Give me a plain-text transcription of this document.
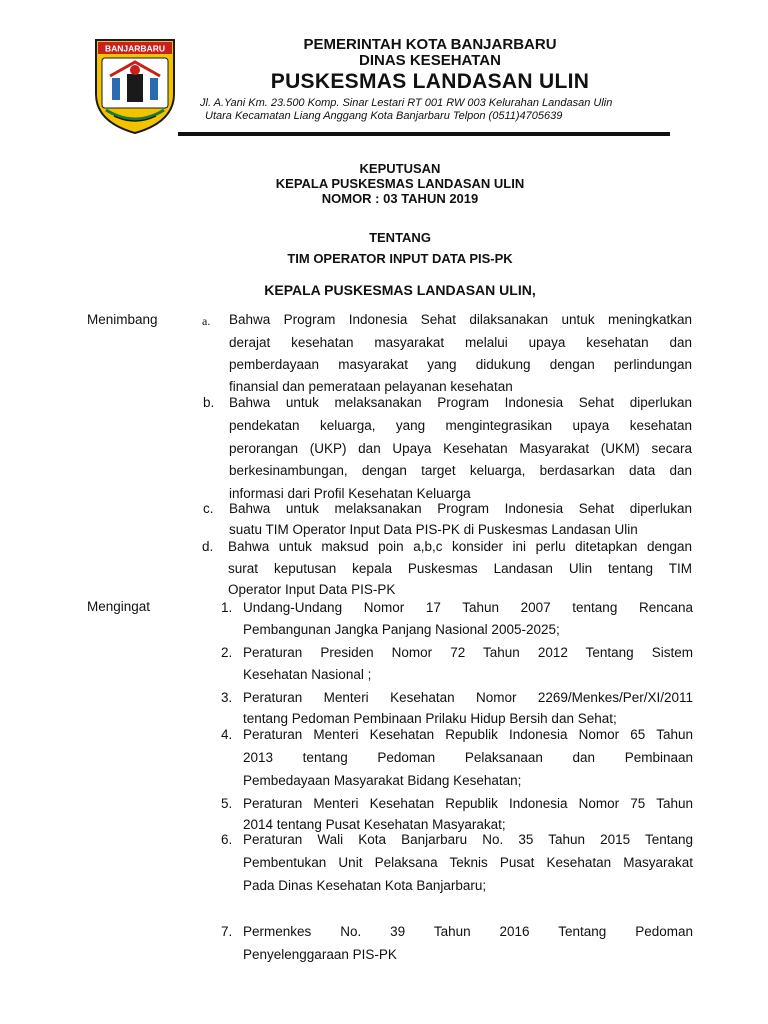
BANJARBARU	PEMERINTAH KOTA BANJARBARU
DINAS KESEHATAN
PUSKESMAS LANDASAN ULIN
Jl. A.Yani Km. 23.500 Komp. Sinar Lestari RT 001 RW 003 Kelurahan Landasan Ulin
Utara Kecamatan Liang Anggang Kota Banjarbaru Telpon (0511)4705639
KEPUTUSAN
KEPALA PUSKESMAS LANDASAN ULIN
NOMOR : 03 TAHUN 2019
TENTANG
TIM OPERATOR INPUT DATA PIS-PK
KEPALA PUSKESMAS LANDASAN ULIN,
Menimbang	a. Bahwa Program Indonesia Sehat dilaksanakan untuk meningkatkan
derajat kesehatan masyarakat melalui upaya kesehatan dan
pemberdayaan masyarakat yang didukung dengan perlindungan
finansial dan pemerataan pelayanan kesehatan
b. Bahwa untuk melaksanakan Program Indonesia Sehat diperlukan
pendekatan keluarga, yang mengintegrasikan upaya kesehatan
perorangan (UKP) dan Upaya Kesehatan Masyarakat (UKM) secara
berkesinambungan, dengan target keluarga, berdasarkan data dan
informasi dari Profil Kesehatan Keluarga
c. Bahwa untuk melaksanakan Program Indonesia Sehat diperlukan
suatu TIM Operator Input Data PIS-PK di Puskesmas Landasan Ulin
d. Bahwa untuk maksud poin a,b,c konsider ini perlu ditetapkan dengan
surat keputusan kepala Puskesmas Landasan Ulin tentang TIM
Operator Input Data PIS-PK
Mengingat	1. Undang-Undang Nomor 17 Tahun 2007 tentang Rencana
Pembangunan Jangka Panjang Nasional 2005-2025;
2. Peraturan Presiden Nomor 72 Tahun 2012 Tentang Sistem
Kesehatan Nasional ;
3. Peraturan Menteri Kesehatan Nomor 2269/Menkes/Per/XI/2011
tentang Pedoman Pembinaan Prilaku Hidup Bersih dan Sehat;
4. Peraturan Menteri Kesehatan Republik Indonesia Nomor 65 Tahun
2013 tentang Pedoman Pelaksanaan dan Pembinaan
Pembedayaan Masyarakat Bidang Kesehatan;
5. Peraturan Menteri Kesehatan Republik Indonesia Nomor 75 Tahun
2014 tentang Pusat Kesehatan Masyarakat;
6. Peraturan Wali Kota Banjarbaru No. 35 Tahun 2015 Tentang
Pembentukan Unit Pelaksana Teknis Pusat Kesehatan Masyarakat
Pada Dinas Kesehatan Kota Banjarbaru;
7. Permenkes No. 39 Tahun 2016 Tentang Pedoman
Penyelenggaraan PIS-PK
